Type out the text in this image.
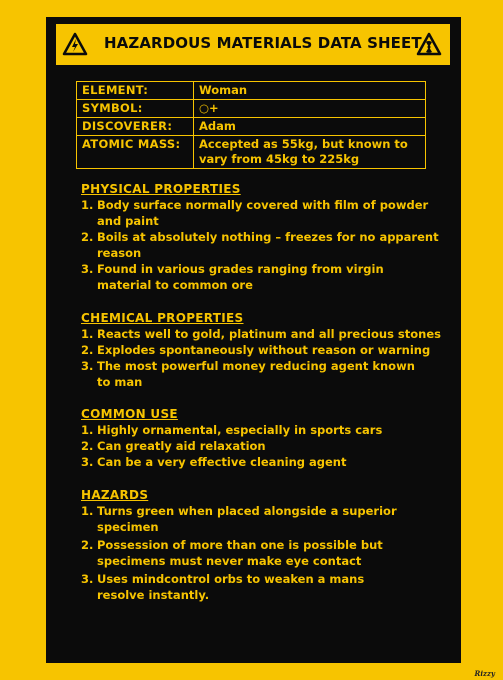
HAZARDOUS MATERIALS DATA SHEET
ELEMENT:	Woman
SYMBOL:	○+
DISCOVERER:	Adam
ATOMIC MASS:	Accepted as 55kg, but known to vary from 45kg to 225kg
PHYSICAL PROPERTIES
1. Body surface normally covered with film of powder and paint
2. Boils at absolutely nothing – freezes for no apparent reason
3. Found in various grades ranging from virgin material to common ore
CHEMICAL PROPERTIES
1. Reacts well to gold, platinum and all precious stones
2. Explodes spontaneously without reason or warning
3. The most powerful money reducing agent known to man
COMMON USE
1. Highly ornamental, especially in sports cars
2. Can greatly aid relaxation
3. Can be a very effective cleaning agent
HAZARDS
1. Turns green when placed alongside a superior specimen
2. Possession of more than one is possible but specimens must never make eye contact
3. Uses mindcontrol orbs to weaken a mans resolve instantly.
Rizzy
